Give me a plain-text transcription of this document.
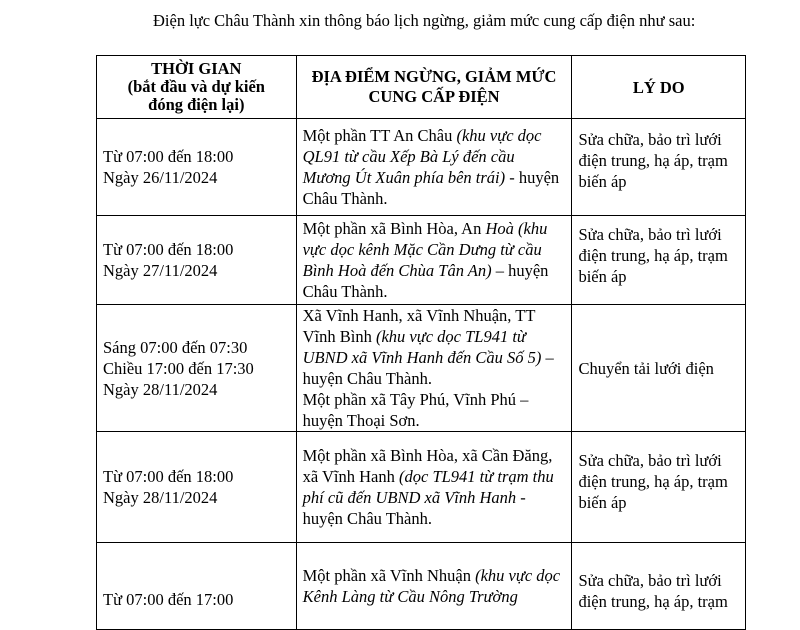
Điện lực Châu Thành xin thông báo lịch ngừng, giảm mức cung cấp điện như sau:
THỜI GIAN
(bắt đầu và dự kiến
đóng điện lại)	ĐỊA ĐIỂM NGỪNG, GIẢM MỨC
CUNG CẤP ĐIỆN	LÝ DO

Từ 07:00 đến 18:00
Ngày 26/11/2024	Một phần TT An Châu (khu vực dọc QL91 từ cầu Xếp Bà Lý đến cầu Mương Út Xuân phía bên trái) - huyện Châu Thành.	Sửa chữa, bảo trì lưới điện trung, hạ áp, trạm biến áp

Từ 07:00 đến 18:00
Ngày 27/11/2024	Một phần xã Bình Hòa, An Hoà (khu vực dọc kênh Mặc Cần Dưng từ cầu Bình Hoà đến Chùa Tân An) – huyện Châu Thành.	Sửa chữa, bảo trì lưới điện trung, hạ áp, trạm biến áp

Sáng 07:00 đến 07:30
Chiều 17:00 đến 17:30
Ngày 28/11/2024	Xã Vĩnh Hanh, xã Vĩnh Nhuận, TT Vĩnh Bình (khu vực dọc TL941 từ UBND xã Vĩnh Hanh đến Cầu Số 5) – huyện Châu Thành.
Một phần xã Tây Phú, Vĩnh Phú – huyện Thoại Sơn.	Chuyển tải lưới điện

Từ 07:00 đến 18:00
Ngày 28/11/2024	Một phần xã Bình Hòa, xã Cần Đăng, xã Vĩnh Hanh (dọc TL941 từ trạm thu phí cũ đến UBND xã Vĩnh Hanh - huyện Châu Thành.	Sửa chữa, bảo trì lưới điện trung, hạ áp, trạm biến áp

Từ 07:00 đến 17:00	Một phần xã Vĩnh Nhuận (khu vực dọc Kênh Làng từ Cầu Nông Trường	Sửa chữa, bảo trì lưới điện trung, hạ áp, trạm
